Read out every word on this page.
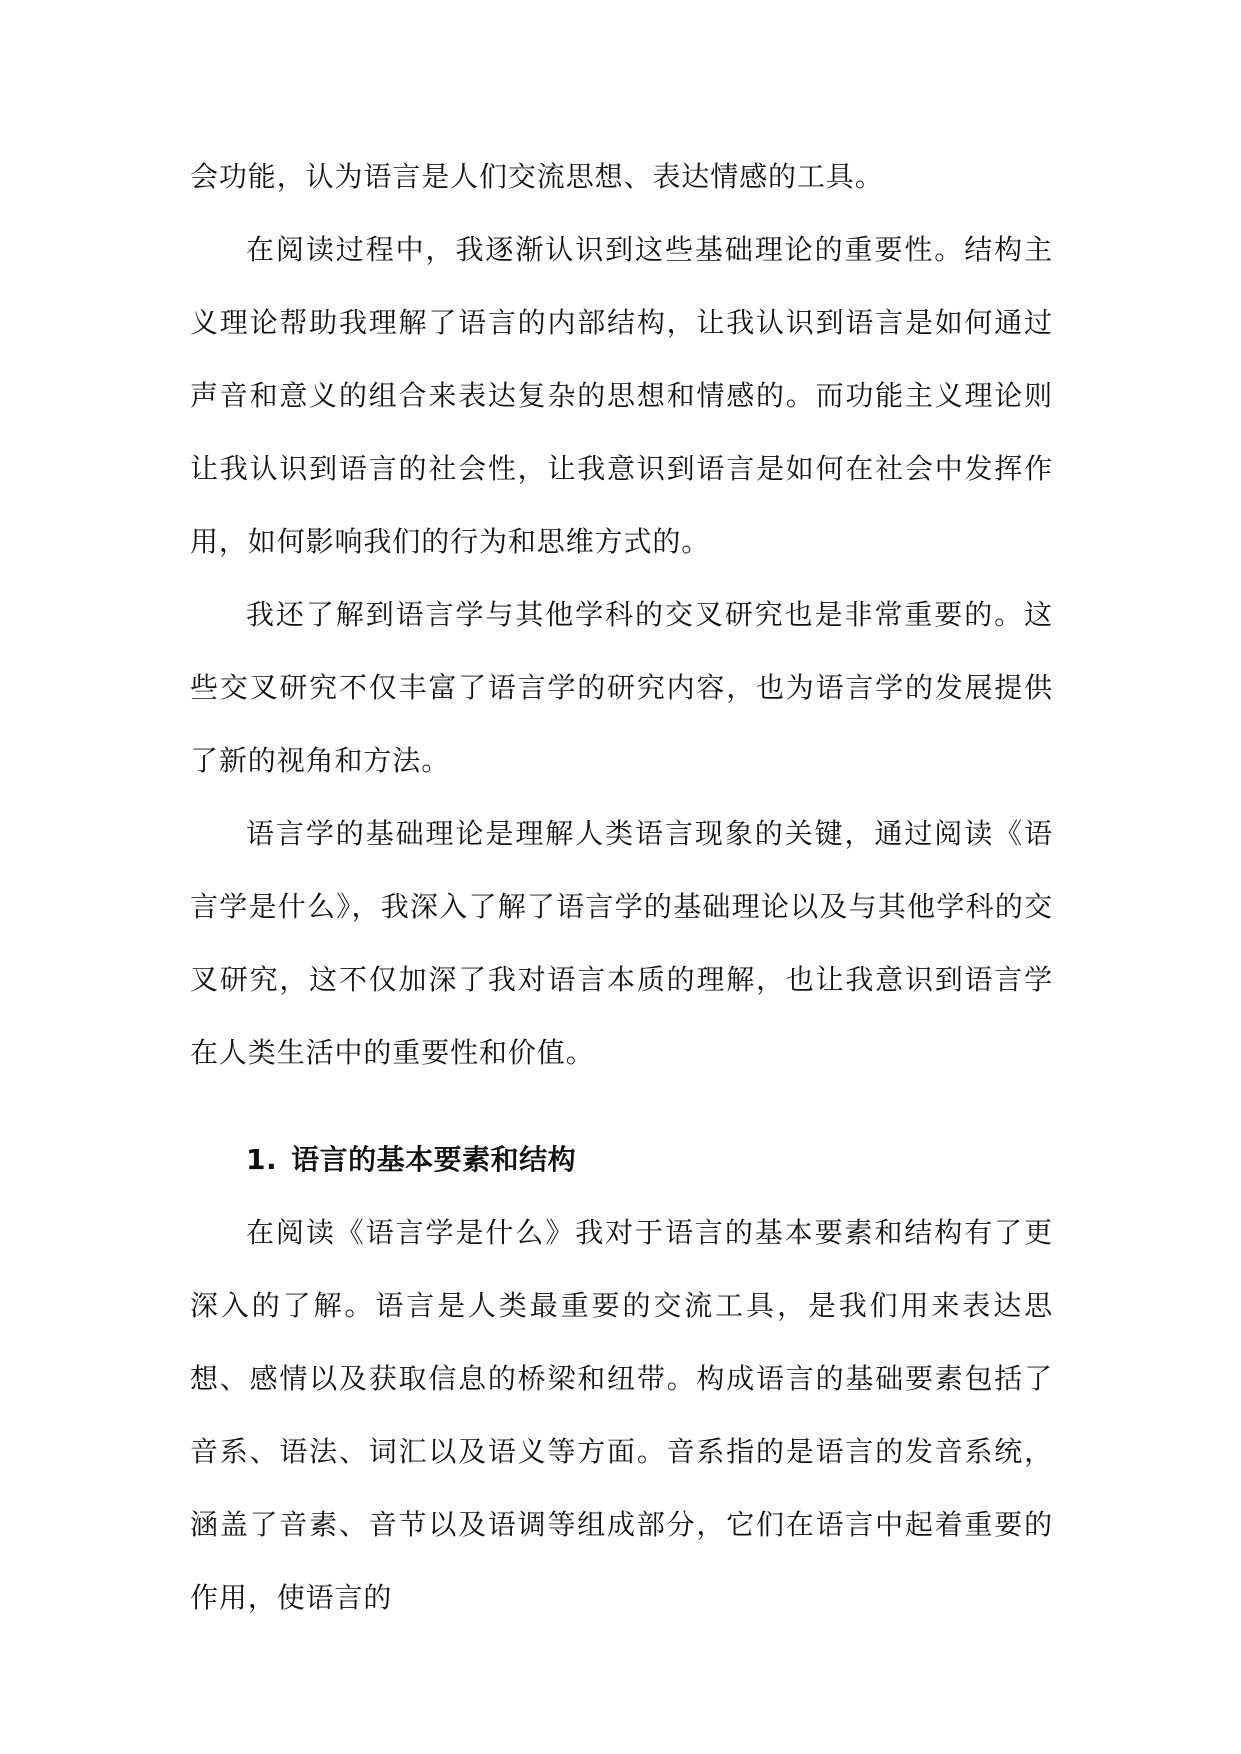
会功能，认为语言是人们交流思想、表达情感的工具。

在阅读过程中，我逐渐认识到这些基础理论的重要性。结构主义理论帮助我理解了语言的内部结构，让我认识到语言是如何通过声音和意义的组合来表达复杂的思想和情感的。而功能主义理论则让我认识到语言的社会性，让我意识到语言是如何在社会中发挥作用，如何影响我们的行为和思维方式的。

我还了解到语言学与其他学科的交叉研究也是非常重要的。这些交叉研究不仅丰富了语言学的研究内容，也为语言学的发展提供了新的视角和方法。

语言学的基础理论是理解人类语言现象的关键，通过阅读《语言学是什么》，我深入了解了语言学的基础理论以及与其他学科的交叉研究，这不仅加深了我对语言本质的理解，也让我意识到语言学在人类生活中的重要性和价值。

1. 语言的基本要素和结构

在阅读《语言学是什么》我对于语言的基本要素和结构有了更深入的了解。语言是人类最重要的交流工具，是我们用来表达思想、感情以及获取信息的桥梁和纽带。构成语言的基础要素包括了音系、语法、词汇以及语义等方面。音系指的是语言的发音系统，涵盖了音素、音节以及语调等组成部分，它们在语言中起着重要的作用，使语言的
